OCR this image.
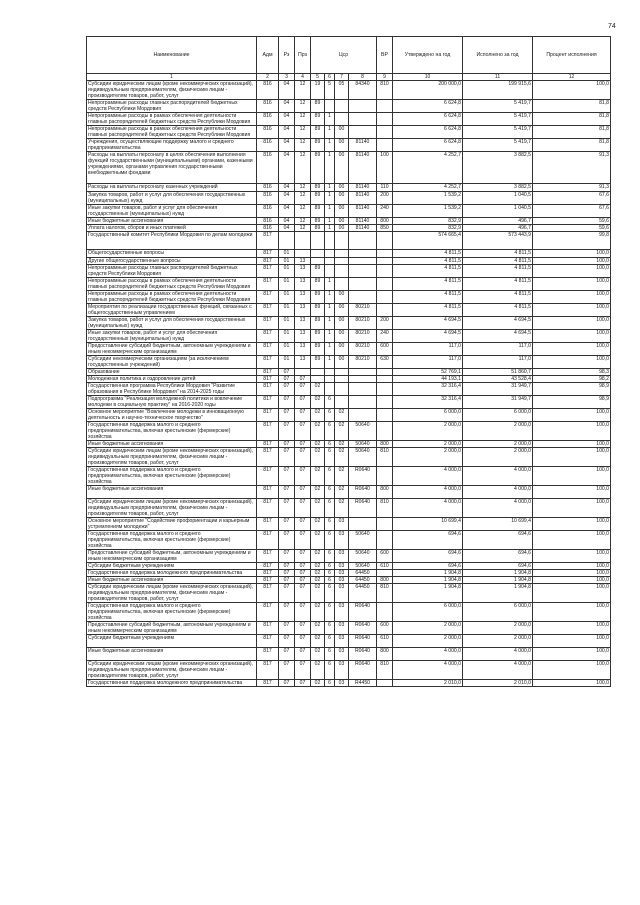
74
Наименование	Адм	Рз	Прз	Цср				ВР	Утверждено на год	Исполнено за год	Процент исполнения
1	2	3	4	5	6	7	8	9	10	11	12
Субсидии юридическим лицам (кроме некоммерческих организаций), индивидуальным предпринимателям, физическим лицам - производителям товаров, работ, услуг	816	04	12	19	5	05	84340	810	200 000,0	199 915,6	100,0
Непрограммные расходы главных распорядителей бюджетных средств Республики Мордовия	816	04	12	89					6 624,8	5 419,7	81,8
Непрограммные расходы в рамках обеспечения деятельности главных распорядителей бюджетных средств Республики Мордовия	816	04	12	89	1				6 624,8	5 419,7	81,8
Непрограммные расходы в рамках обеспечения деятельности главных распорядителей бюджетных средств Республики Мордовия	816	04	12	89	1	00			6 624,8	5 419,7	81,8
Учреждения, осуществляющие поддержку малого и среднего предпринимательства	816	04	12	89	1	00	81140		6 624,8	5 419,7	81,8
Расходы на выплаты персоналу в целях обеспечения выполнения функций государственными (муниципальными) органами, казенными учреждениями, органами управления государственными внебюджетными фондами	816	04	12	89	1	00	81140	100	4 252,7	3 882,5	91,3
Расходы на выплаты персоналу казенных учреждений	816	04	12	89	1	00	81140	110	4 252,7	3 882,5	91,3
Закупка товаров, работ и услуг для обеспечения государственных (муниципальных) нужд	816	04	12	89	1	00	81140	200	1 539,2	1 040,5	67,6
Иные закупки товаров, работ и услуг для обеспечения государственных (муниципальных) нужд	816	04	12	89	1	00	81140	240	1 539,2	1 040,5	67,6
Иные бюджетные ассигнования	816	04	12	89	1	00	81140	800	832,9	496,7	59,6
Уплата налогов, сборов и иных платежей	816	04	12	89	1	00	81140	850	832,9	496,7	59,6
Государственный комитет Республики Мордовия по делам молодежи	817								574 665,4	573 443,9	99,8
Общегосударственные вопросы	817	01							4 811,5	4 811,5	100,0
Другие общегосударственные вопросы	817	01	13						4 811,5	4 811,5	100,0
Непрограммные расходы главных распорядителей бюджетных средств Республики Мордовия	817	01	13	89					4 811,5	4 811,5	100,0
Непрограммные расходы в рамках обеспечения деятельности главных распорядителей бюджетных средств Республики Мордовия	817	01	13	89	1				4 811,5	4 811,5	100,0
Непрограммные расходы в рамках обеспечения деятельности главных распорядителей бюджетных средств Республики Мордовия	817	01	13	89	1	00			4 811,5	4 811,5	100,0
Мероприятия по реализации государственных функций, связанных с общегосударственным управлением	817	01	13	89	1	00	80210		4 811,5	4 811,5	100,0
Закупка товаров, работ и услуг для обеспечения государственных (муниципальных) нужд	817	01	13	89	1	00	80210	200	4 694,5	4 694,5	100,0
Иные закупки товаров, работ и услуг для обеспечения государственных (муниципальных) нужд	817	01	13	89	1	00	80210	240	4 694,5	4 694,5	100,0
Предоставление субсидий бюджетным, автономным учреждениям и иным некоммерческим организациям	817	01	13	89	1	00	80210	600	117,0	117,0	100,0
Субсидии некоммерческим организациям (за исключением государственных учреждений)	817	01	13	89	1	00	80210	630	117,0	117,0	100,0
Образование	817	07							52 769,1	51 860,7	98,3
Молодежная политика и оздоровление детей	817	07	07						44 193,1	43 528,4	98,2
Государственная программа Республики Мордовия "Развитие образования в Республике Мордовия" на 2014-2025 годы	817	07	07	02					32 316,4	31 949,7	98,9
Подпрограмма "Реализация молодежной политики и вовлечение молодежи в социальную практику" на 2016-2020 годы	817	07	07	02	6				32 316,4	31 949,7	98,9
Основное мероприятие "Вовлечение молодежи в инновационную деятельность и научно-техническое творчество"	817	07	07	02	6	02			6 000,0	6 000,0	100,0
Государственная поддержка малого и среднего предпринимательства, включая крестьянские (фермерские) хозяйства	817	07	07	02	6	02	50640		2 000,0	2 000,0	100,0
Иные бюджетные ассигнования	817	07	07	02	6	02	50640	800	2 000,0	2 000,0	100,0
Субсидии юридическим лицам (кроме некоммерческих организаций), индивидуальным предпринимателям, физическим лицам - производителям товаров, работ, услуг	817	07	07	02	6	02	50640	810	2 000,0	2 000,0	100,0
Государственная поддержка малого и среднего предпринимательства, включая крестьянские (фермерские) хозяйства	817	07	07	02	6	02	R0640		4 000,0	4 000,0	100,0
Иные бюджетные ассигнования	817	07	07	02	6	02	R0640	800	4 000,0	4 000,0	100,0
Субсидии юридическим лицам (кроме некоммерческих организаций), индивидуальным предпринимателям, физическим лицам - производителям товаров, работ, услуг	817	07	07	02	6	02	R0640	810	4 000,0	4 000,0	100,0
Основное мероприятие "Содействие профориентации и карьерным устремлениям молодежи"	817	07	07	02	6	03			10 699,4	10 699,4	100,0
Государственная поддержка малого и среднего предпринимательства, включая крестьянские (фермерские) хозяйства	817	07	07	02	6	03	50640		694,6	694,6	100,0
Предоставление субсидий бюджетным, автономным учреждениям и иным некоммерческим организациям	817	07	07	02	6	03	50640	600	694,6	694,6	100,0
Субсидии бюджетным учреждениям	817	07	07	02	6	03	50640	610	694,6	694,6	100,0
Государственная поддержка молодежного предпринимательства	817	07	07	02	6	03	64450		1 904,8	1 904,8	100,0
Иные бюджетные ассигнования	817	07	07	02	6	03	64450	800	1 904,8	1 904,8	100,0
Субсидии юридическим лицам (кроме некоммерческих организаций), индивидуальным предпринимателям, физическим лицам - производителям товаров, работ, услуг	817	07	07	02	6	03	64450	810	1 904,8	1 904,8	100,0
Государственная поддержка малого и среднего предпринимательства, включая крестьянские (фермерские) хозяйства	817	07	07	02	6	03	R0640		6 000,0	6 000,0	100,0
Предоставление субсидий бюджетным, автономным учреждениям и иным некоммерческим организациям	817	07	07	02	6	03	R0640	600	2 000,0	2 000,0	100,0
Субсидии бюджетным учреждениям	817	07	07	02	6	03	R0640	610	2 000,0	2 000,0	100,0
Иные бюджетные ассигнования	817	07	07	02	6	03	R0640	800	4 000,0	4 000,0	100,0
Субсидии юридическим лицам (кроме некоммерческих организаций), индивидуальным предпринимателям, физическим лицам - производителям товаров, работ, услуг	817	07	07	02	6	03	R0640	810	4 000,0	4 000,0	100,0
Государственная поддержка молодежного предпринимательства	817	07	07	02	6	03	R4450		2 010,0	2 010,0	100,0
